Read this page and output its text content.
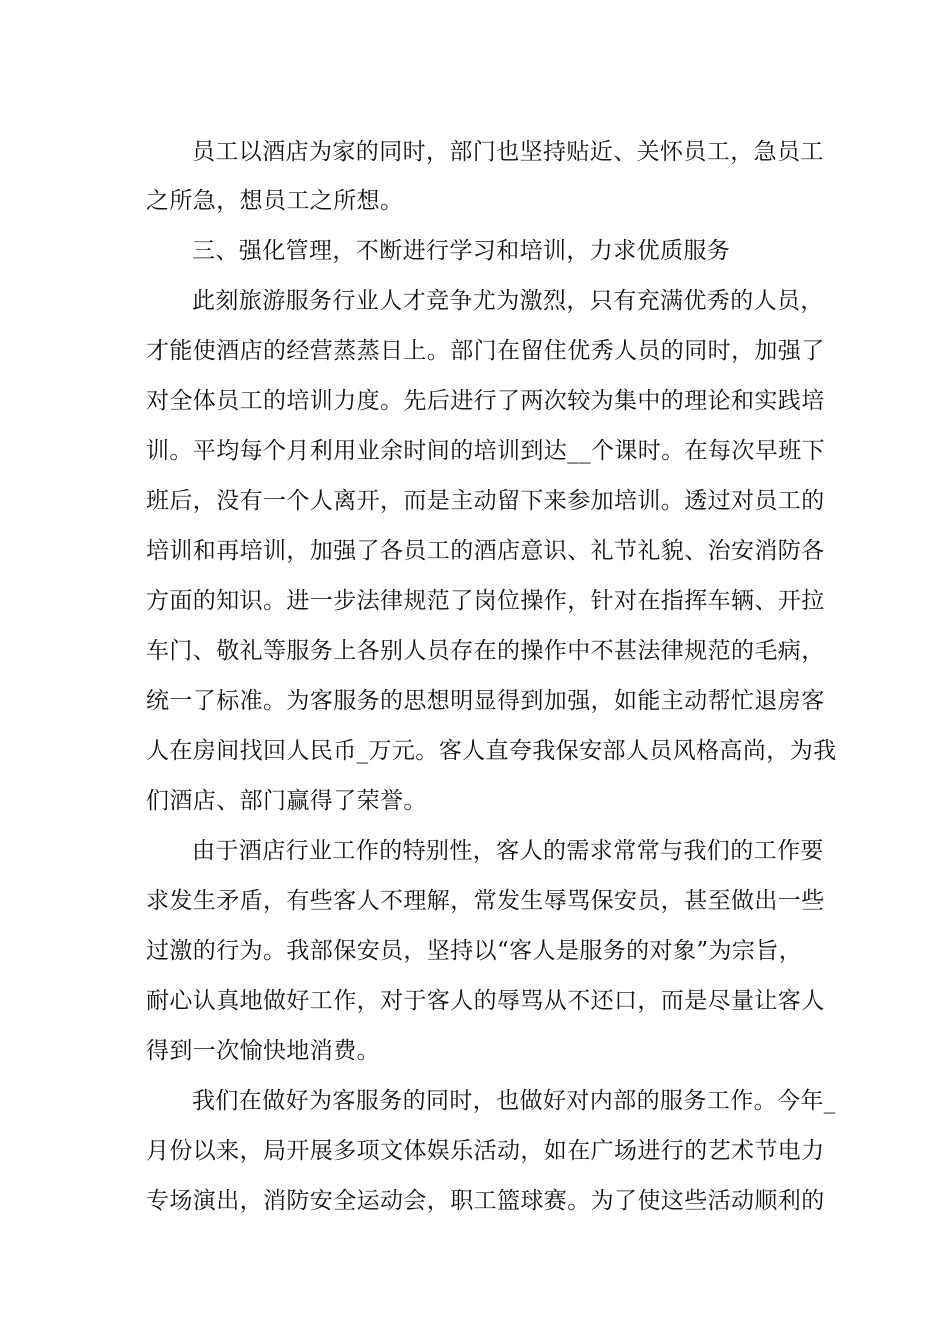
员工以酒店为家的同时，部门也坚持贴近、关怀员工，急员工
之所急，想员工之所想。
三、强化管理，不断进行学习和培训，力求优质服务
此刻旅游服务行业人才竞争尤为激烈，只有充满优秀的人员，
才能使酒店的经营蒸蒸日上。部门在留住优秀人员的同时，加强了
对全体员工的培训力度。先后进行了两次较为集中的理论和实践培
训。平均每个月利用业余时间的培训到达__个课时。在每次早班下
班后，没有一个人离开，而是主动留下来参加培训。透过对员工的
培训和再培训，加强了各员工的酒店意识、礼节礼貌、治安消防各
方面的知识。进一步法律规范了岗位操作，针对在指挥车辆、开拉
车门、敬礼等服务上各别人员存在的操作中不甚法律规范的毛病，
统一了标准。为客服务的思想明显得到加强，如能主动帮忙退房客
人在房间找回人民币_万元。客人直夸我保安部人员风格高尚，为我
们酒店、部门赢得了荣誉。
由于酒店行业工作的特别性，客人的需求常常与我们的工作要
求发生矛盾，有些客人不理解，常发生辱骂保安员，甚至做出一些
过激的行为。我部保安员，坚持以“客人是服务的对象”为宗旨，
耐心认真地做好工作，对于客人的辱骂从不还口，而是尽量让客人
得到一次愉快地消费。
我们在做好为客服务的同时，也做好对内部的服务工作。今年_
月份以来，局开展多项文体娱乐活动，如在广场进行的艺术节电力
专场演出，消防安全运动会，职工篮球赛。为了使这些活动顺利的
